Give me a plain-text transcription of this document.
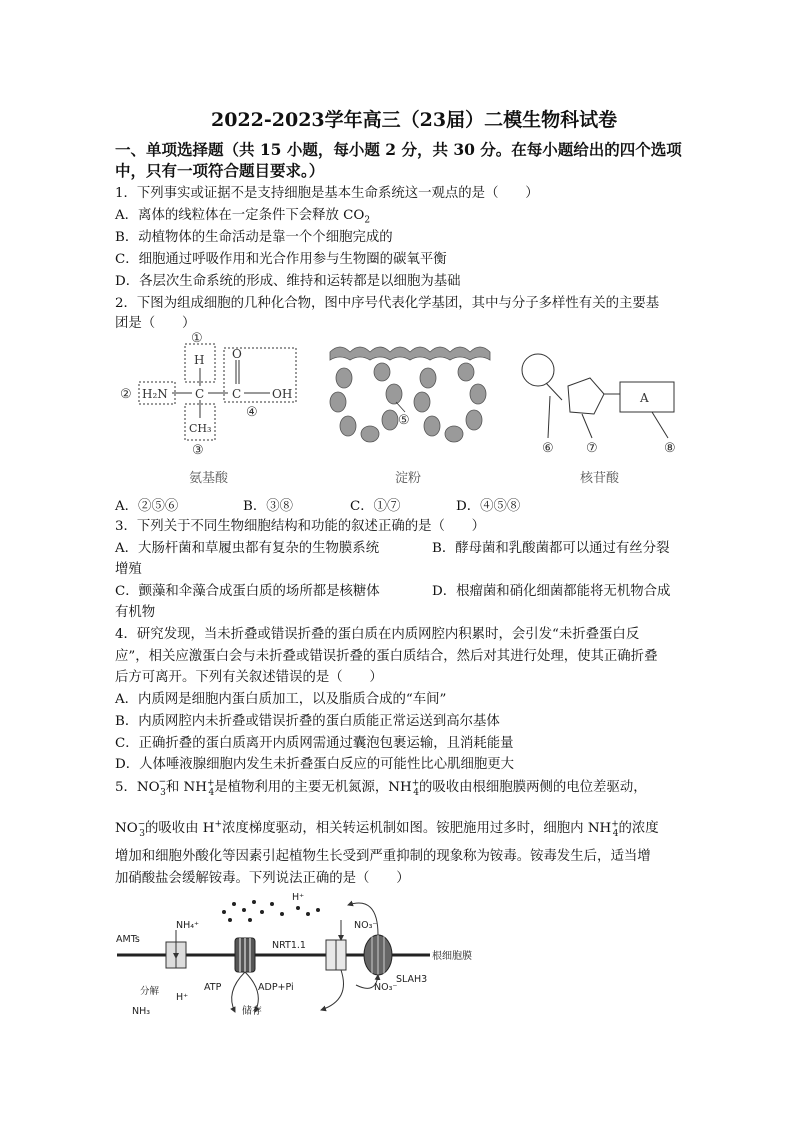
2022-2023学年高三（23届）二模生物科试卷
一、单项选择题（共 15 小题，每小题 2 分，共 30 分。在每小题给出的四个选项
中，只有一项符合题目要求。）
1．下列事实或证据不是支持细胞是基本生命系统这一观点的是（　　）
A．离体的线粒体在一定条件下会释放 $CO_2$
B．动植物体的生命活动是靠一个个细胞完成的
C．细胞通过呼吸作用和光合作用参与生物圈的碳氧平衡
D．各层次生命系统的形成、维持和运转都是以细胞为基础
2．下图为组成细胞的几种化合物，图中序号代表化学基团，其中与分子多样性有关的主要基
团是（　　）
①
H
② H₂N C
O
C	OH
④
CH₃
③
氨基酸
⑤
淀粉
A
⑥ ⑦	⑧
核苷酸
A．②⑤⑥	B．③⑧	C．①⑦	D．④⑤⑧
3．下列关于不同生物细胞结构和功能的叙述正确的是（　　）
A．大肠杆菌和草履虫都有复杂的生物膜系统	B．酵母菌和乳酸菌都可以通过有丝分裂
增殖
C．颤藻和伞藻合成蛋白质的场所都是核糖体	D．根瘤菌和硝化细菌都能将无机物合成
有机物
4．研究发现，当未折叠或错误折叠的蛋白质在内质网腔内积累时，会引发“未折叠蛋白反
应”，相关应激蛋白会与未折叠或错误折叠的蛋白质结合，然后对其进行处理，使其正确折叠
后方可离开。下列有关叙述错误的是（　　）
A．内质网是细胞内蛋白质加工，以及脂质合成的“车间”
B．内质网腔内未折叠或错误折叠的蛋白质能正常运送到高尔基体
C．正确折叠的蛋白质离开内质网需通过囊泡包裹运输，且消耗能量
D．人体唾液腺细胞内发生未折叠蛋白反应的可能性比心肌细胞更大
5．$NO^-_3$和 $NH^+_4$是植物利用的主要无机氮源，$NH^+_4$的吸收由根细胞膜两侧的电位差驱动，
$NO^-_3$的吸收由 H+浓度梯度驱动，相关转运机制如图。铵肥施用过多时，细胞内 $NH^+_4$的浓度
增加和细胞外酸化等因素引起植物生长受到严重抑制的现象称为铵毒。铵毒发生后，适当增
加硝酸盐会缓解铵毒。下列说法正确的是（　　）
AMTs
NH₄⁺
H⁺
NRT1.1
NO₃⁻
SLAH3
根细胞膜
ATP	ADP+Pi	NO₃⁻
分解
H⁺
NH₃	储存
